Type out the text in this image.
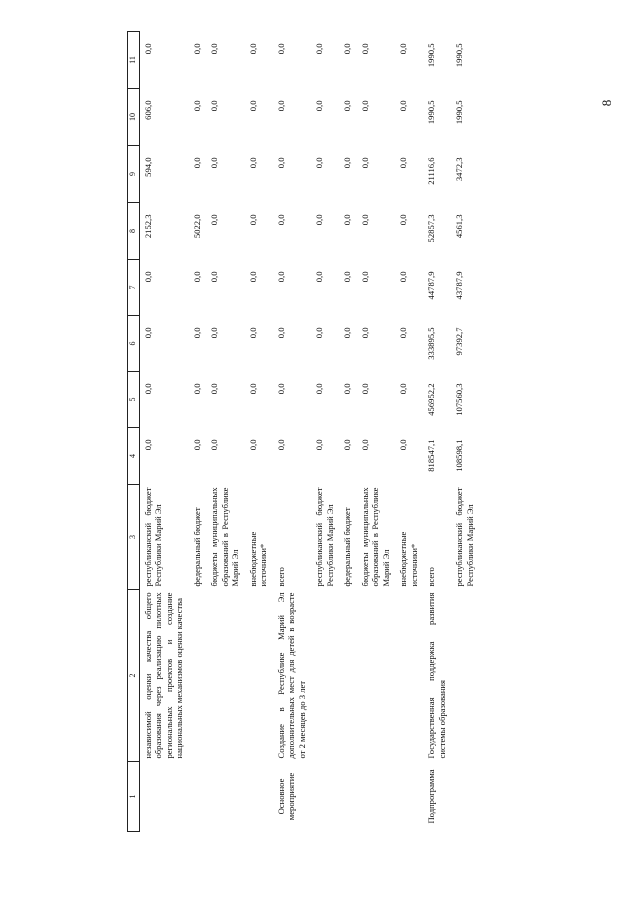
8
1	2	3	4	5	6	7	8	9	10	11
	независимой оценки качества общего образования через реализацию пилотных региональных проектов и создание национальных механизмов оценки качества	республиканский бюджет Республики Марий Эл	0,0	0,0	0,0	0,0	2152,3	594,0	606,0	0,0
		федеральный бюджет	0,0	0,0	0,0	0,0	5022,0	0,0	0,0	0,0
		бюджеты муниципальных образований в Республике Марий Эл	0,0	0,0	0,0	0,0	0,0	0,0	0,0	0,0
		внебюджетные источники*	0,0	0,0	0,0	0,0	0,0	0,0	0,0	0,0
Основное мероприятие	Создание в Республике Марий Эл дополнительных мест для детей в возрасте от 2 месяцев до 3 лет	всего	0,0	0,0	0,0	0,0	0,0	0,0	0,0	0,0
		республиканский бюджет Республики Марий Эл	0,0	0,0	0,0	0,0	0,0	0,0	0,0	0,0
		федеральный бюджет	0,0	0,0	0,0	0,0	0,0	0,0	0,0	0,0
		бюджеты муниципальных образований в Республике Марий Эл	0,0	0,0	0,0	0,0	0,0	0,0	0,0	0,0
		внебюджетные источники*	0,0	0,0	0,0	0,0	0,0	0,0	0,0	0,0
Подпрограмма	Государственная поддержка развития системы образования	всего	818547,1	456952,2	333895,5	44787,9	52857,3	21116,6	1990,5	1990,5
		республиканский бюджет Республики Марий Эл	108598,1	107560,3	97392,7	43787,9	4561,3	3472,3	1990,5	1990,5
